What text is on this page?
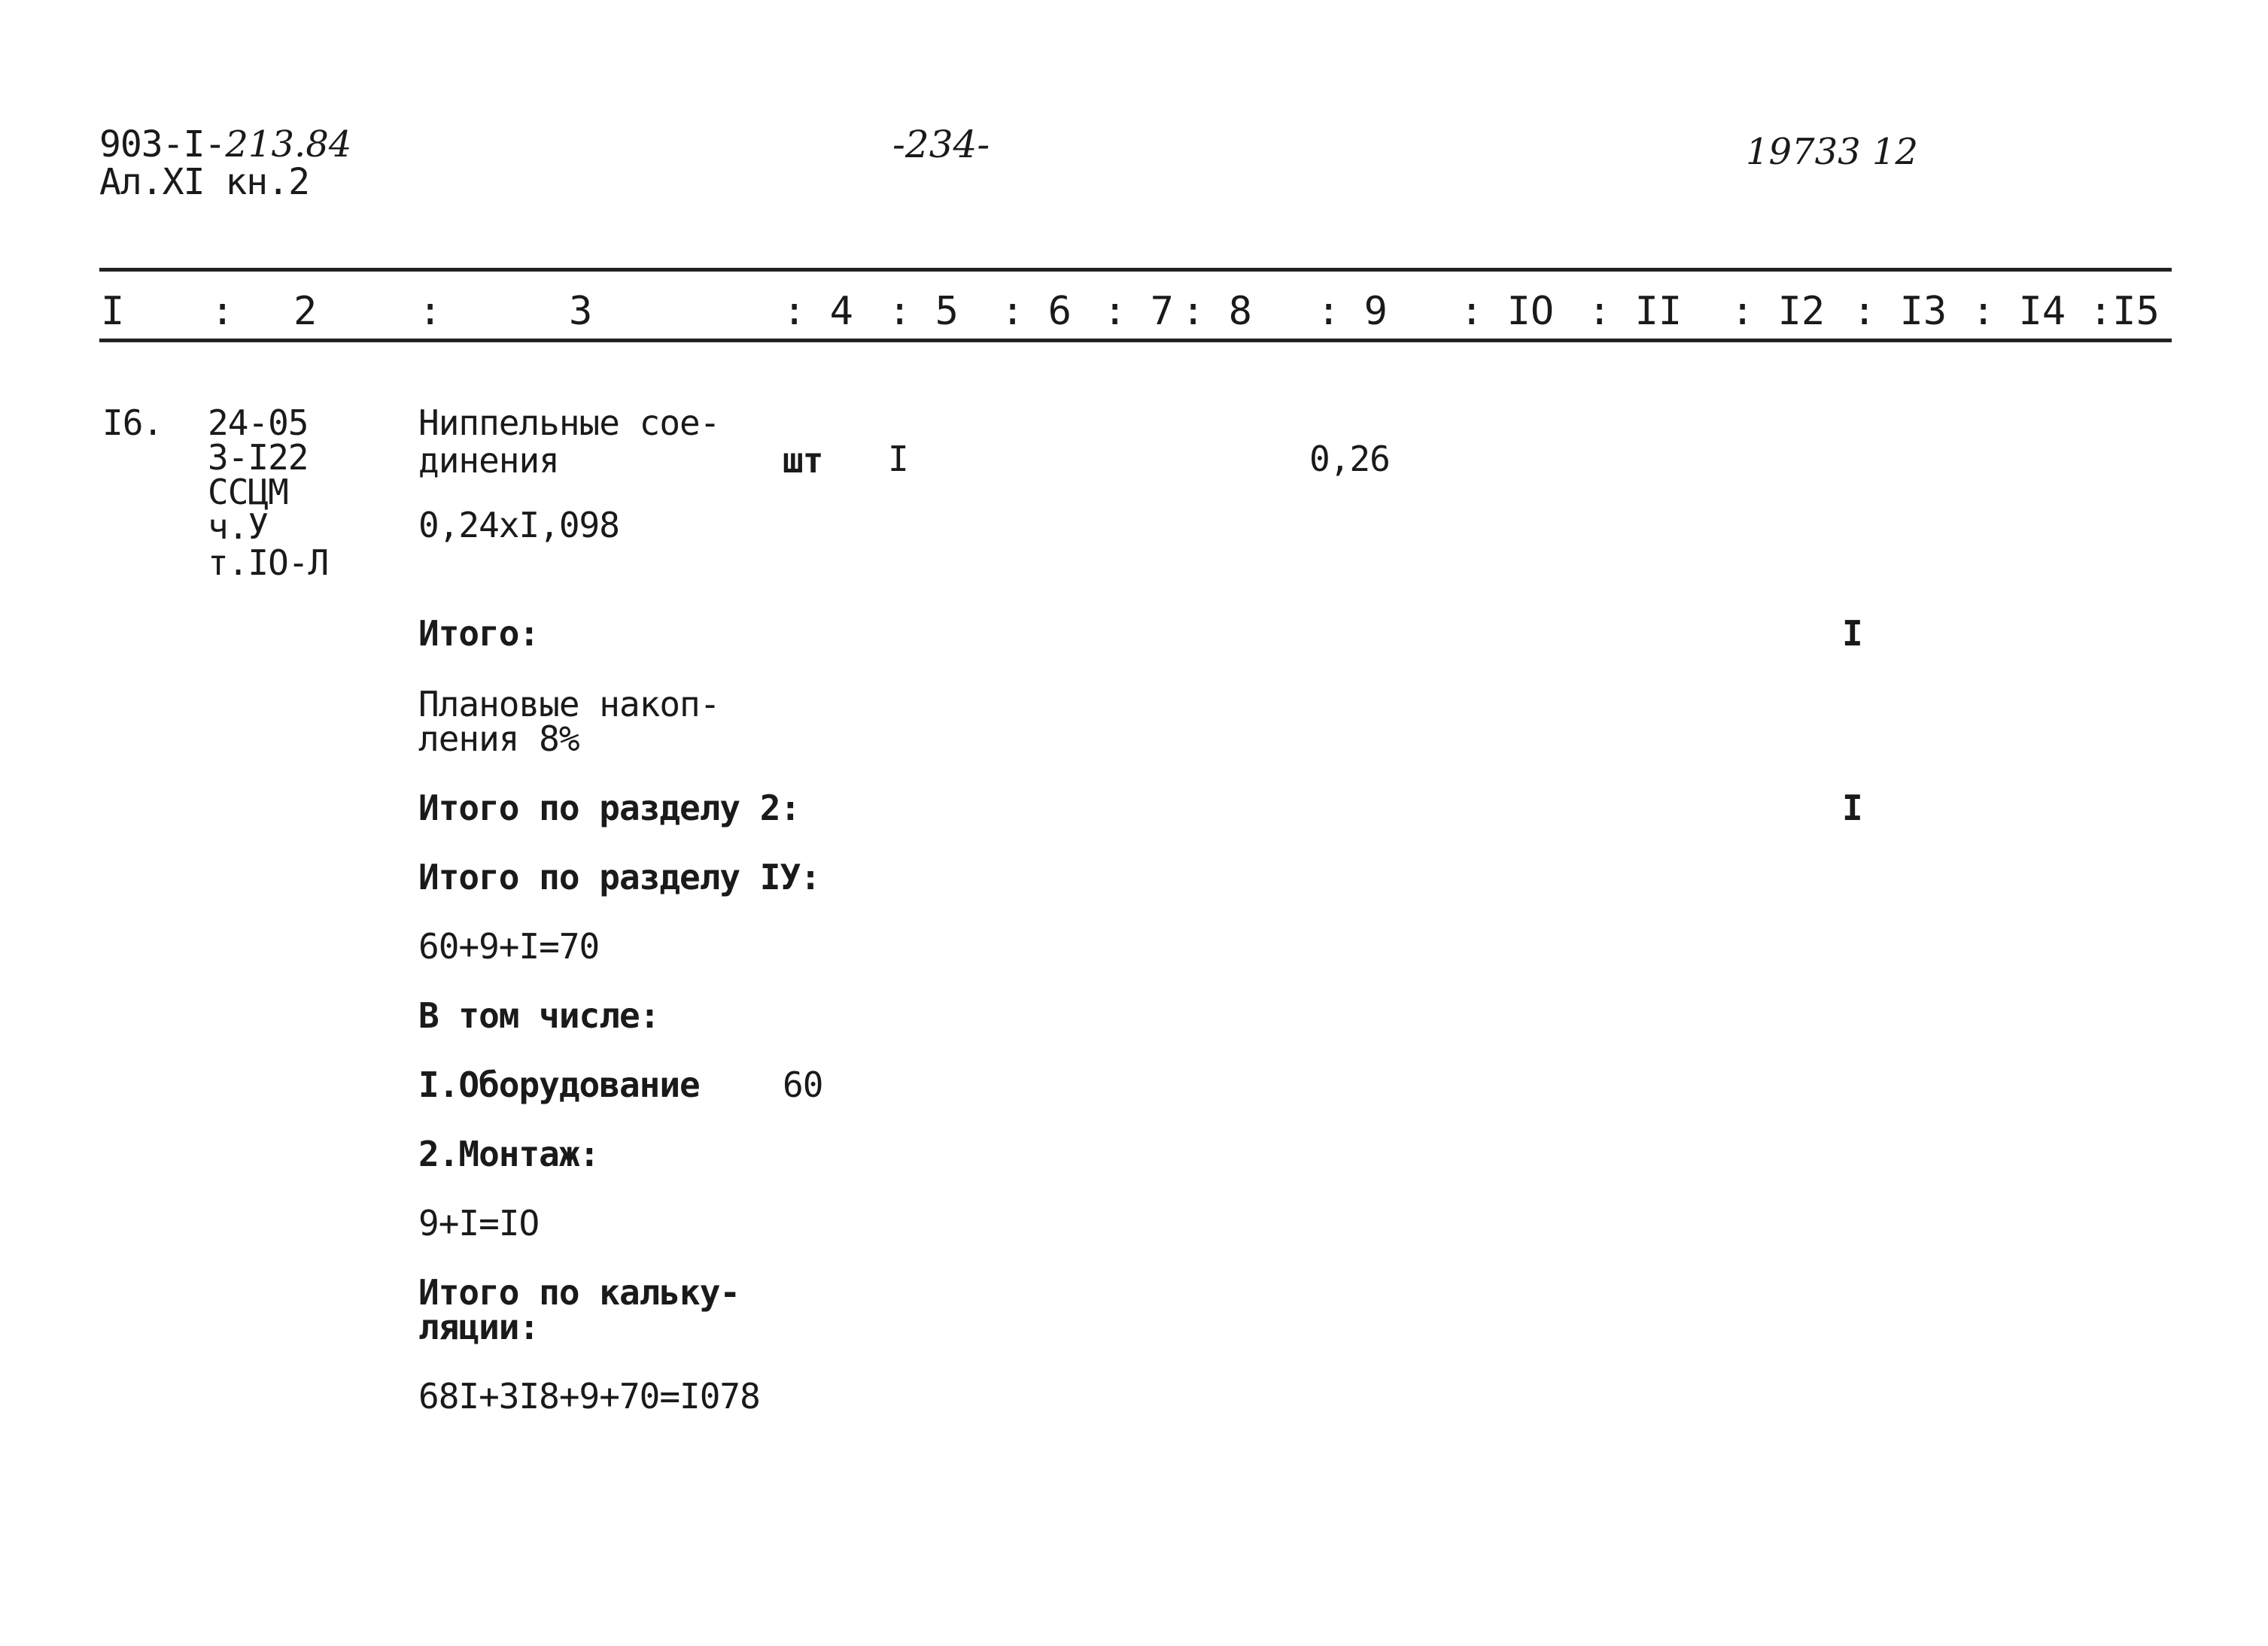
903-I-213.84
Ал.XI кн.2
-234-	19733 12
I : 2	:	3	: 4 : 5 : 6 : 7 : 8 : 9 : IO : II : I2 : I3 : I4 :I5
I6. 24-05
3-I22
ССЦМ
ч.У
т.IO-Л
Ниппельные сое-
динения	шт I	0,26
0,24хI,098
Итого:	I
Плановые накоп-
ления 8%
Итого по разделу 2:	I
Итого по разделу IУ:
60+9+I=70
В том числе:
I.Оборудование 60
2.Монтаж:
9+I=IO
Итого по кальку-
ляции:
68I+3I8+9+70=I078
